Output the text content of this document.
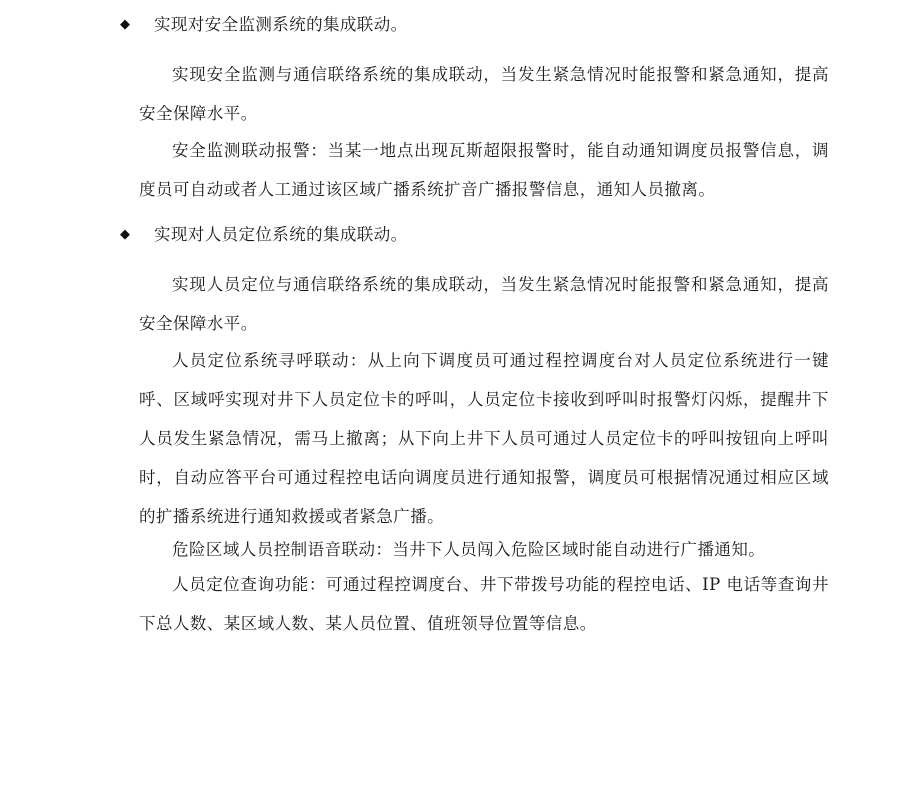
◆	实现对安全监测系统的集成联动。

实现安全监测与通信联络系统的集成联动，当发生紧急情况时能报警和紧急通知，提高安全保障水平。

安全监测联动报警：当某一地点出现瓦斯超限报警时，能自动通知调度员报警信息，调度员可自动或者人工通过该区域广播系统扩音广播报警信息，通知人员撤离。

◆	实现对人员定位系统的集成联动。

实现人员定位与通信联络系统的集成联动，当发生紧急情况时能报警和紧急通知，提高安全保障水平。

人员定位系统寻呼联动：从上向下调度员可通过程控调度台对人员定位系统进行一键呼、区域呼实现对井下人员定位卡的呼叫，人员定位卡接收到呼叫时报警灯闪烁，提醒井下人员发生紧急情况，需马上撤离；从下向上井下人员可通过人员定位卡的呼叫按钮向上呼叫时，自动应答平台可通过程控电话向调度员进行通知报警，调度员可根据情况通过相应区域的扩播系统进行通知救援或者紧急广播。

危险区域人员控制语音联动：当井下人员闯入危险区域时能自动进行广播通知。

人员定位查询功能：可通过程控调度台、井下带拨号功能的程控电话、IP 电话等查询井下总人数、某区域人数、某人员位置、值班领导位置等信息。
